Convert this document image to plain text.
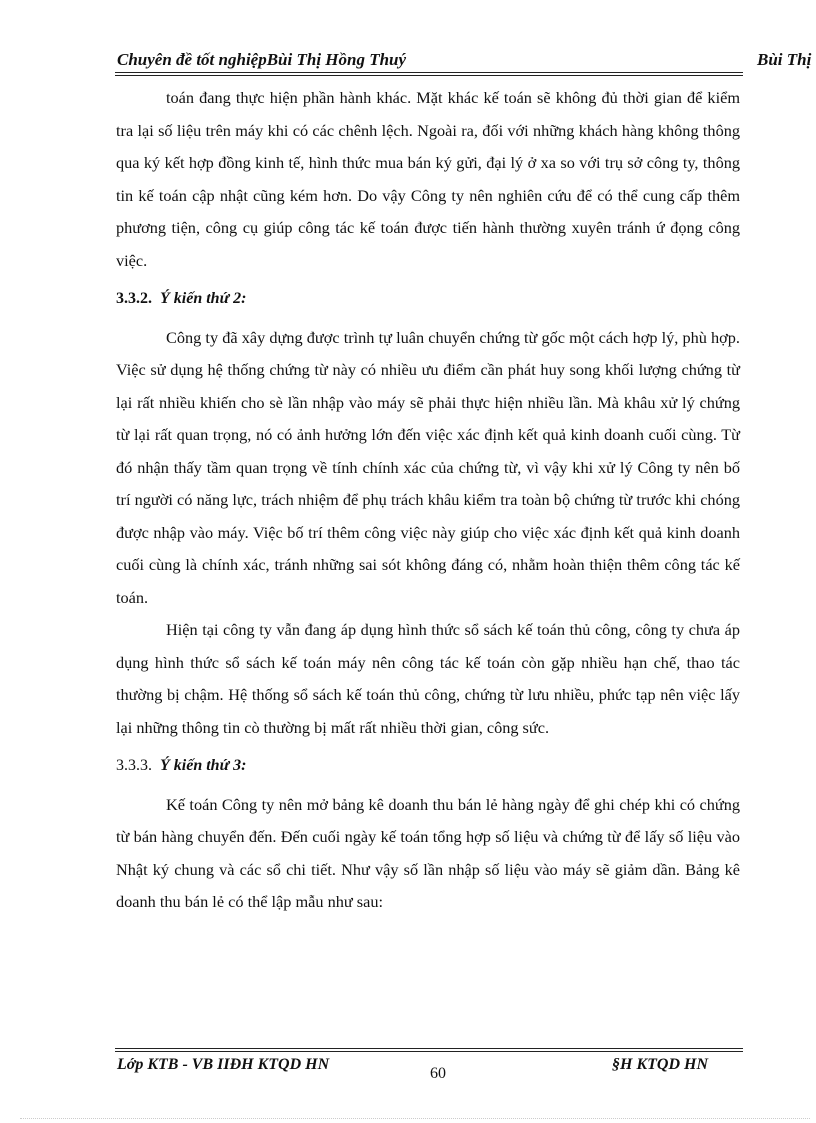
Chuyên đề tốt nghiệpBùi Thị Hồng Thuý	Bùi Thị

toán đang thực hiện phần hành khác. Mặt khác kế toán sẽ không đủ thời gian để kiểm tra lại số liệu trên máy khi có các chênh lệch. Ngoài ra, đối với những khách hàng không thông qua ký kết hợp đồng kinh tế, hình thức mua bán ký gửi, đại lý ở xa so với trụ sở công ty, thông tin kế toán cập nhật cũng kém hơn. Do vậy Công ty nên nghiên cứu để có thể cung cấp thêm phương tiện, công cụ giúp công tác kế toán được tiến hành thường xuyên tránh ứ đọng công việc.

3.3.2. Ý kiến thứ 2:

Công ty đã xây dựng được trình tự luân chuyển chứng từ gốc một cách hợp lý, phù hợp. Việc sử dụng hệ thống chứng từ này có nhiều ưu điểm cần phát huy song khối lượng chứng từ lại rất nhiều khiến cho sè lần nhập vào máy sẽ phải thực hiện nhiều lần. Mà khâu xử lý chứng từ lại rất quan trọng, nó có ảnh hưởng lớn đến việc xác định kết quả kinh doanh cuối cùng. Từ đó nhận thấy tầm quan trọng về tính chính xác của chứng từ, vì vậy khi xử lý Công ty nên bố trí người có năng lực, trách nhiệm để phụ trách khâu kiểm tra toàn bộ chứng từ trước khi chóng được nhập vào máy. Việc bố trí thêm công việc này giúp cho việc xác định kết quả kinh doanh cuối cùng là chính xác, tránh những sai sót không đáng có, nhằm hoàn thiện thêm công tác kế toán.

Hiện tại công ty vẫn đang áp dụng hình thức sổ sách kế toán thủ công, công ty chưa áp dụng hình thức sổ sách kế toán máy nên công tác kế toán còn gặp nhiều hạn chế, thao tác thường bị chậm. Hệ thống sổ sách kế toán thủ công, chứng từ lưu nhiều, phức tạp nên việc lấy lại những thông tin cò thường bị mất rất nhiều thời gian, công sức.

3.3.3. Ý kiến thứ 3:

Kế toán Công ty nên mở bảng kê doanh thu bán lẻ hàng ngày để ghi chép khi có chứng từ bán hàng chuyển đến. Đến cuối ngày kế toán tổng hợp số liệu và chứng từ để lấy số liệu vào Nhật ký chung và các sổ chi tiết. Như vậy số lần nhập số liệu vào máy sẽ giảm dần. Bảng kê doanh thu bán lẻ có thể lập mẫu như sau:

Lớp KTB - VB IIĐH KTQD HN
60
§H KTQD HN
